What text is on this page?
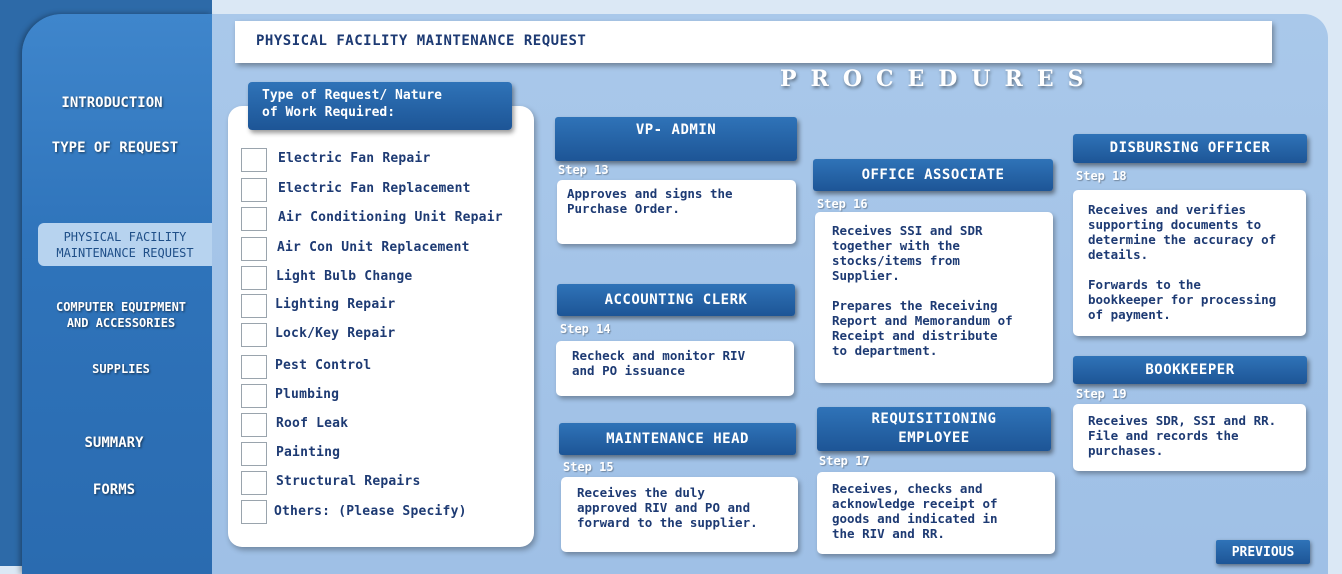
INTRODUCTION
TYPE OF REQUEST
PHYSICAL FACILITY
MAINTENANCE REQUEST
COMPUTER EQUIPMENT
AND ACCESSORIES
SUPPLIES
SUMMARY
FORMS
PHYSICAL FACILITY MAINTENANCE REQUEST
PROCEDURES
Type of Request/ Nature
of Work Required:
Electric Fan Repair
Electric Fan Replacement
Air Conditioning Unit Repair
Air Con Unit Replacement
Light Bulb Change
Lighting Repair
Lock/Key Repair
Pest Control
Plumbing
Roof Leak
Painting
Structural Repairs
Others: (Please Specify)
VP- ADMIN
Step 13
Approves and signs the
Purchase Order.
ACCOUNTING CLERK
Step 14
Recheck and monitor RIV
and PO issuance
MAINTENANCE HEAD
Step 15
Receives the duly
approved RIV and PO and
forward to the supplier.
OFFICE ASSOCIATE
Step 16
Receives SSI and SDR
together with the
stocks/items from
Supplier.

Prepares the Receiving
Report and Memorandum of
Receipt and distribute
to department.
REQUISITIONING
EMPLOYEE
Step 17
Receives, checks and
acknowledge receipt of
goods and indicated in
the RIV and RR.
DISBURSING OFFICER
Step 18
Receives and verifies
supporting documents to
determine the accuracy of
details.

Forwards to the
bookkeeper for processing
of payment.
BOOKKEEPER
Step 19
Receives SDR, SSI and RR.
File and records the
purchases.
PREVIOUS
